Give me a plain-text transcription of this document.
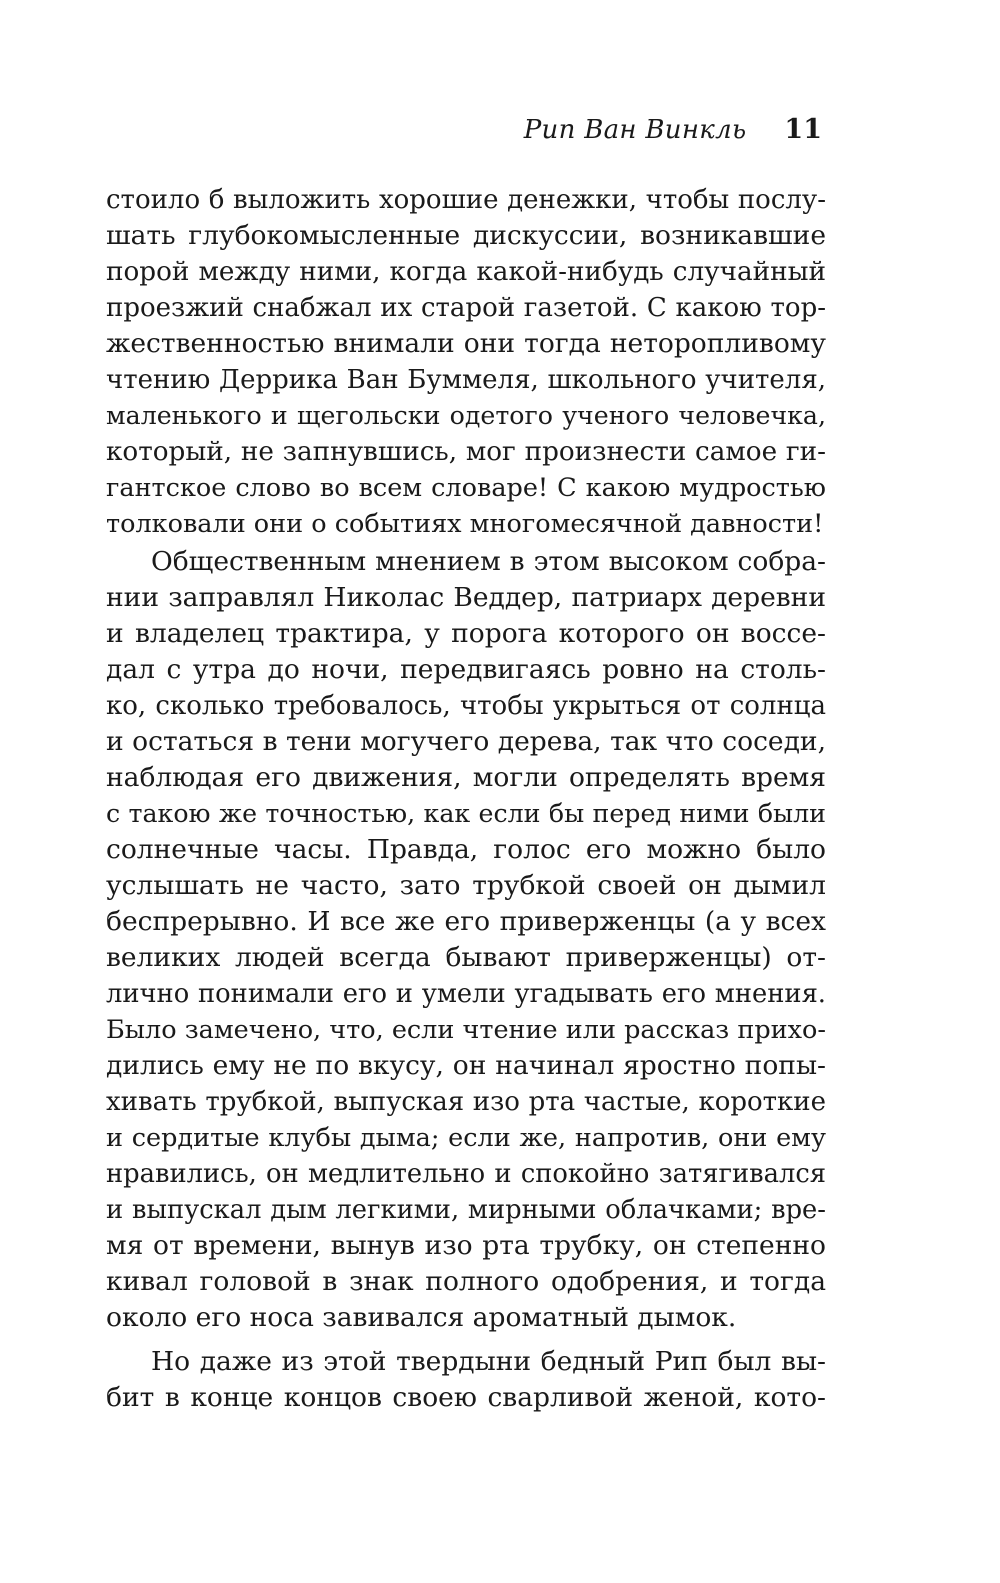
Рип Ван Винкль 11
стоило б выложить хорошие денежки, чтобы послу-
шать глубокомысленные дискуссии, возникавшие
порой между ними, когда какой-нибудь случайный
проезжий снабжал их старой газетой. С какою тор-
жественностью внимали они тогда неторопливому
чтению Деррика Ван Буммеля, школьного учителя,
маленького и щегольски одетого ученого человечка,
который, не запнувшись, мог произнести самое ги-
гантское слово во всем словаре! С какою мудростью
толковали они о событиях многомесячной давности!
Общественным мнением в этом высоком собра-
нии заправлял Николас Веддер, патриарх деревни
и владелец трактира, у порога которого он воссе-
дал с утра до ночи, передвигаясь ровно на столь-
ко, сколько требовалось, чтобы укрыться от солнца
и остаться в тени могучего дерева, так что соседи,
наблюдая его движения, могли определять время
с такою же точностью, как если бы перед ними были
солнечные часы. Правда, голос его можно было
услышать не часто, зато трубкой своей он дымил
беспрерывно. И все же его приверженцы (а у всех
великих людей всегда бывают приверженцы) от-
лично понимали его и умели угадывать его мнения.
Было замечено, что, если чтение или рассказ прихо-
дились ему не по вкусу, он начинал яростно попы-
хивать трубкой, выпуская изо рта частые, короткие
и сердитые клубы дыма; если же, напротив, они ему
нравились, он медлительно и спокойно затягивался
и выпускал дым легкими, мирными облачками; вре-
мя от времени, вынув изо рта трубку, он степенно
кивал головой в знак полного одобрения, и тогда
около его носа завивался ароматный дымок.
Но даже из этой твердыни бедный Рип был вы-
бит в конце концов своею сварливой женой, кото-
